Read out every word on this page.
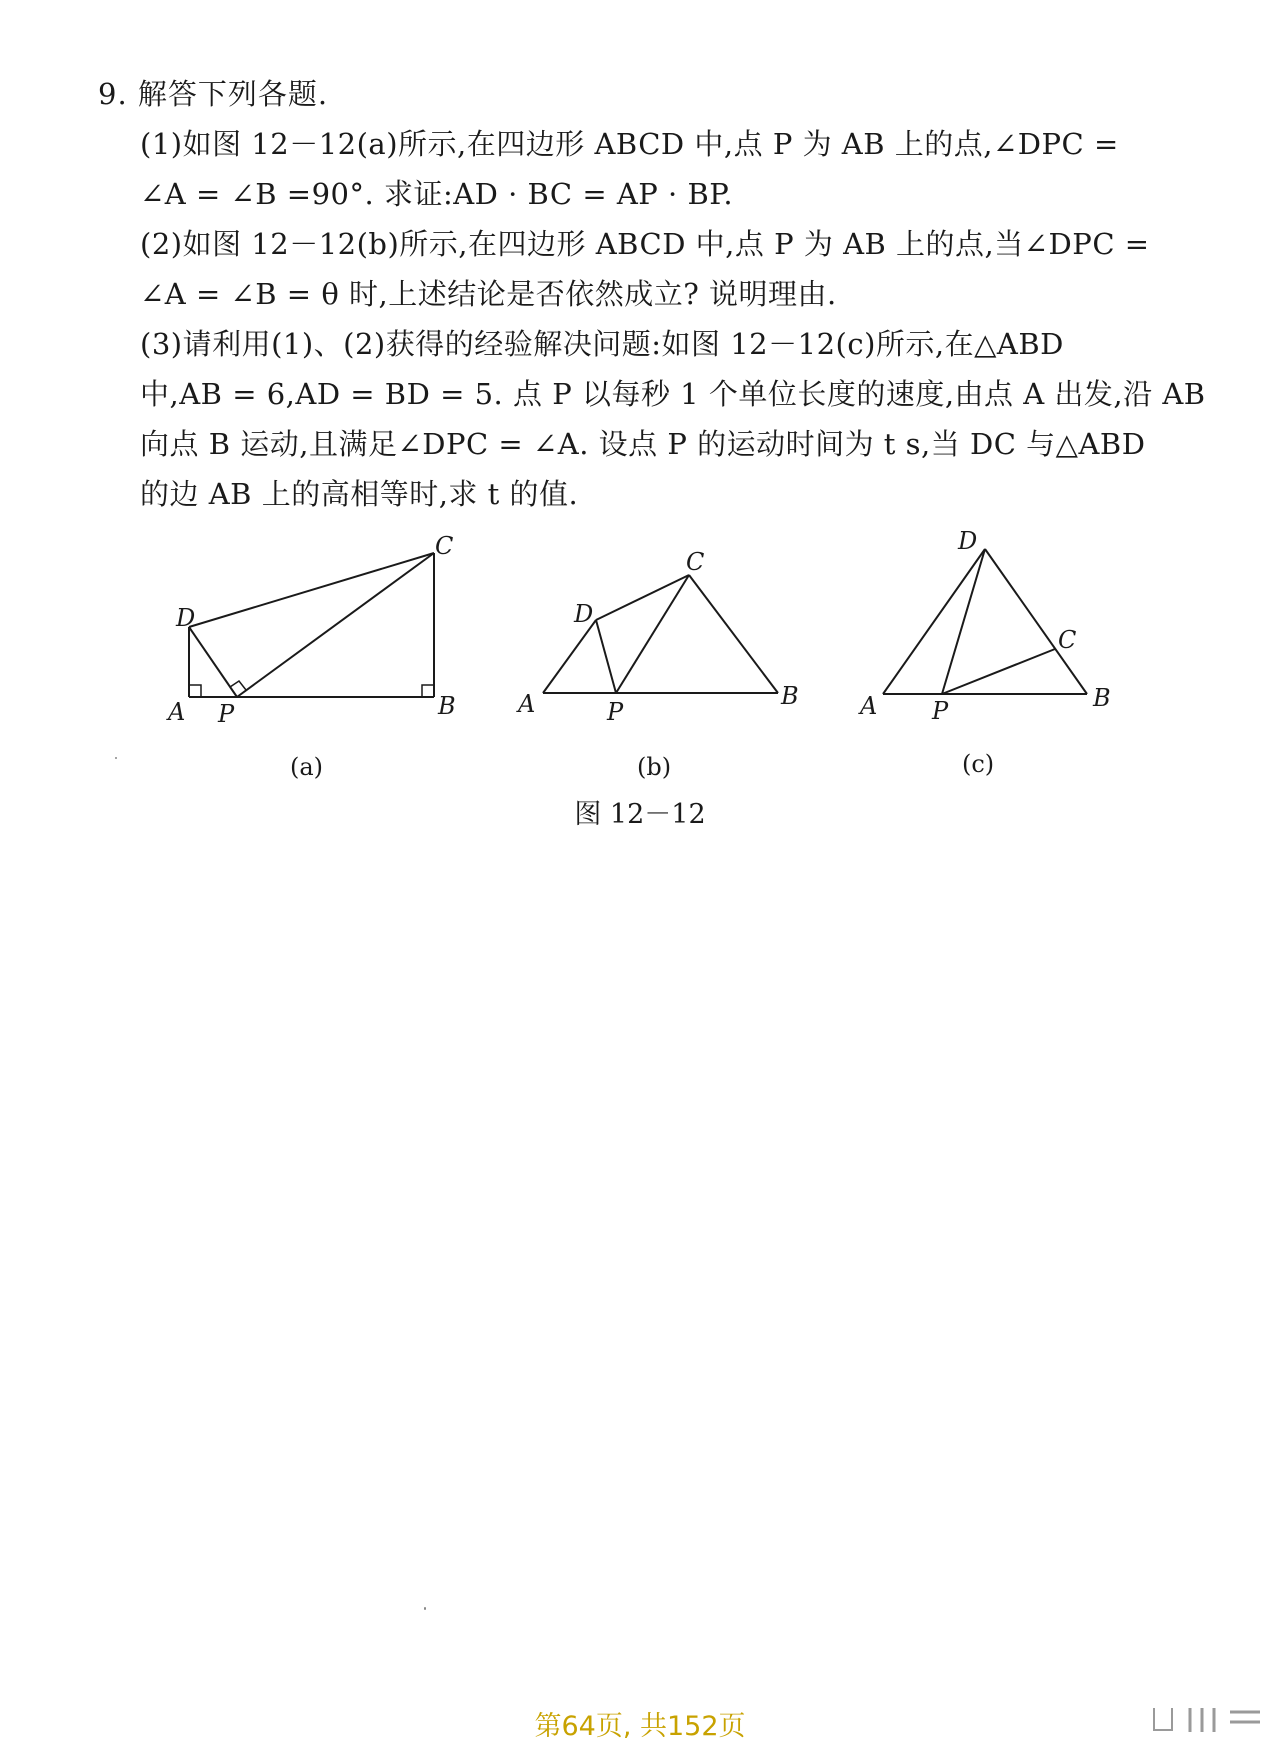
9. 解答下列各题.
(1)如图 12－12(a)所示,在四边形 ABCD 中,点 P 为 AB 上的点,∠DPC =
∠A = ∠B =90°. 求证:AD · BC = AP · BP.
(2)如图 12－12(b)所示,在四边形 ABCD 中,点 P 为 AB 上的点,当∠DPC =
∠A = ∠B = θ 时,上述结论是否依然成立? 说明理由.
(3)请利用(1)、(2)获得的经验解决问题:如图 12－12(c)所示,在△ABD
中,AB = 6,AD = BD = 5. 点 P 以每秒 1 个单位长度的速度,由点 A 出发,沿 AB
向点 B 运动,且满足∠DPC = ∠A. 设点 P 的运动时间为 t s,当 DC 与△ABD
的边 AB 上的高相等时,求 t 的值.
A P	B
C
D
(a)
A	P
B
C
D
(b)
A P	B
C
D
(c)
图 12－12
第64页, 共152页
